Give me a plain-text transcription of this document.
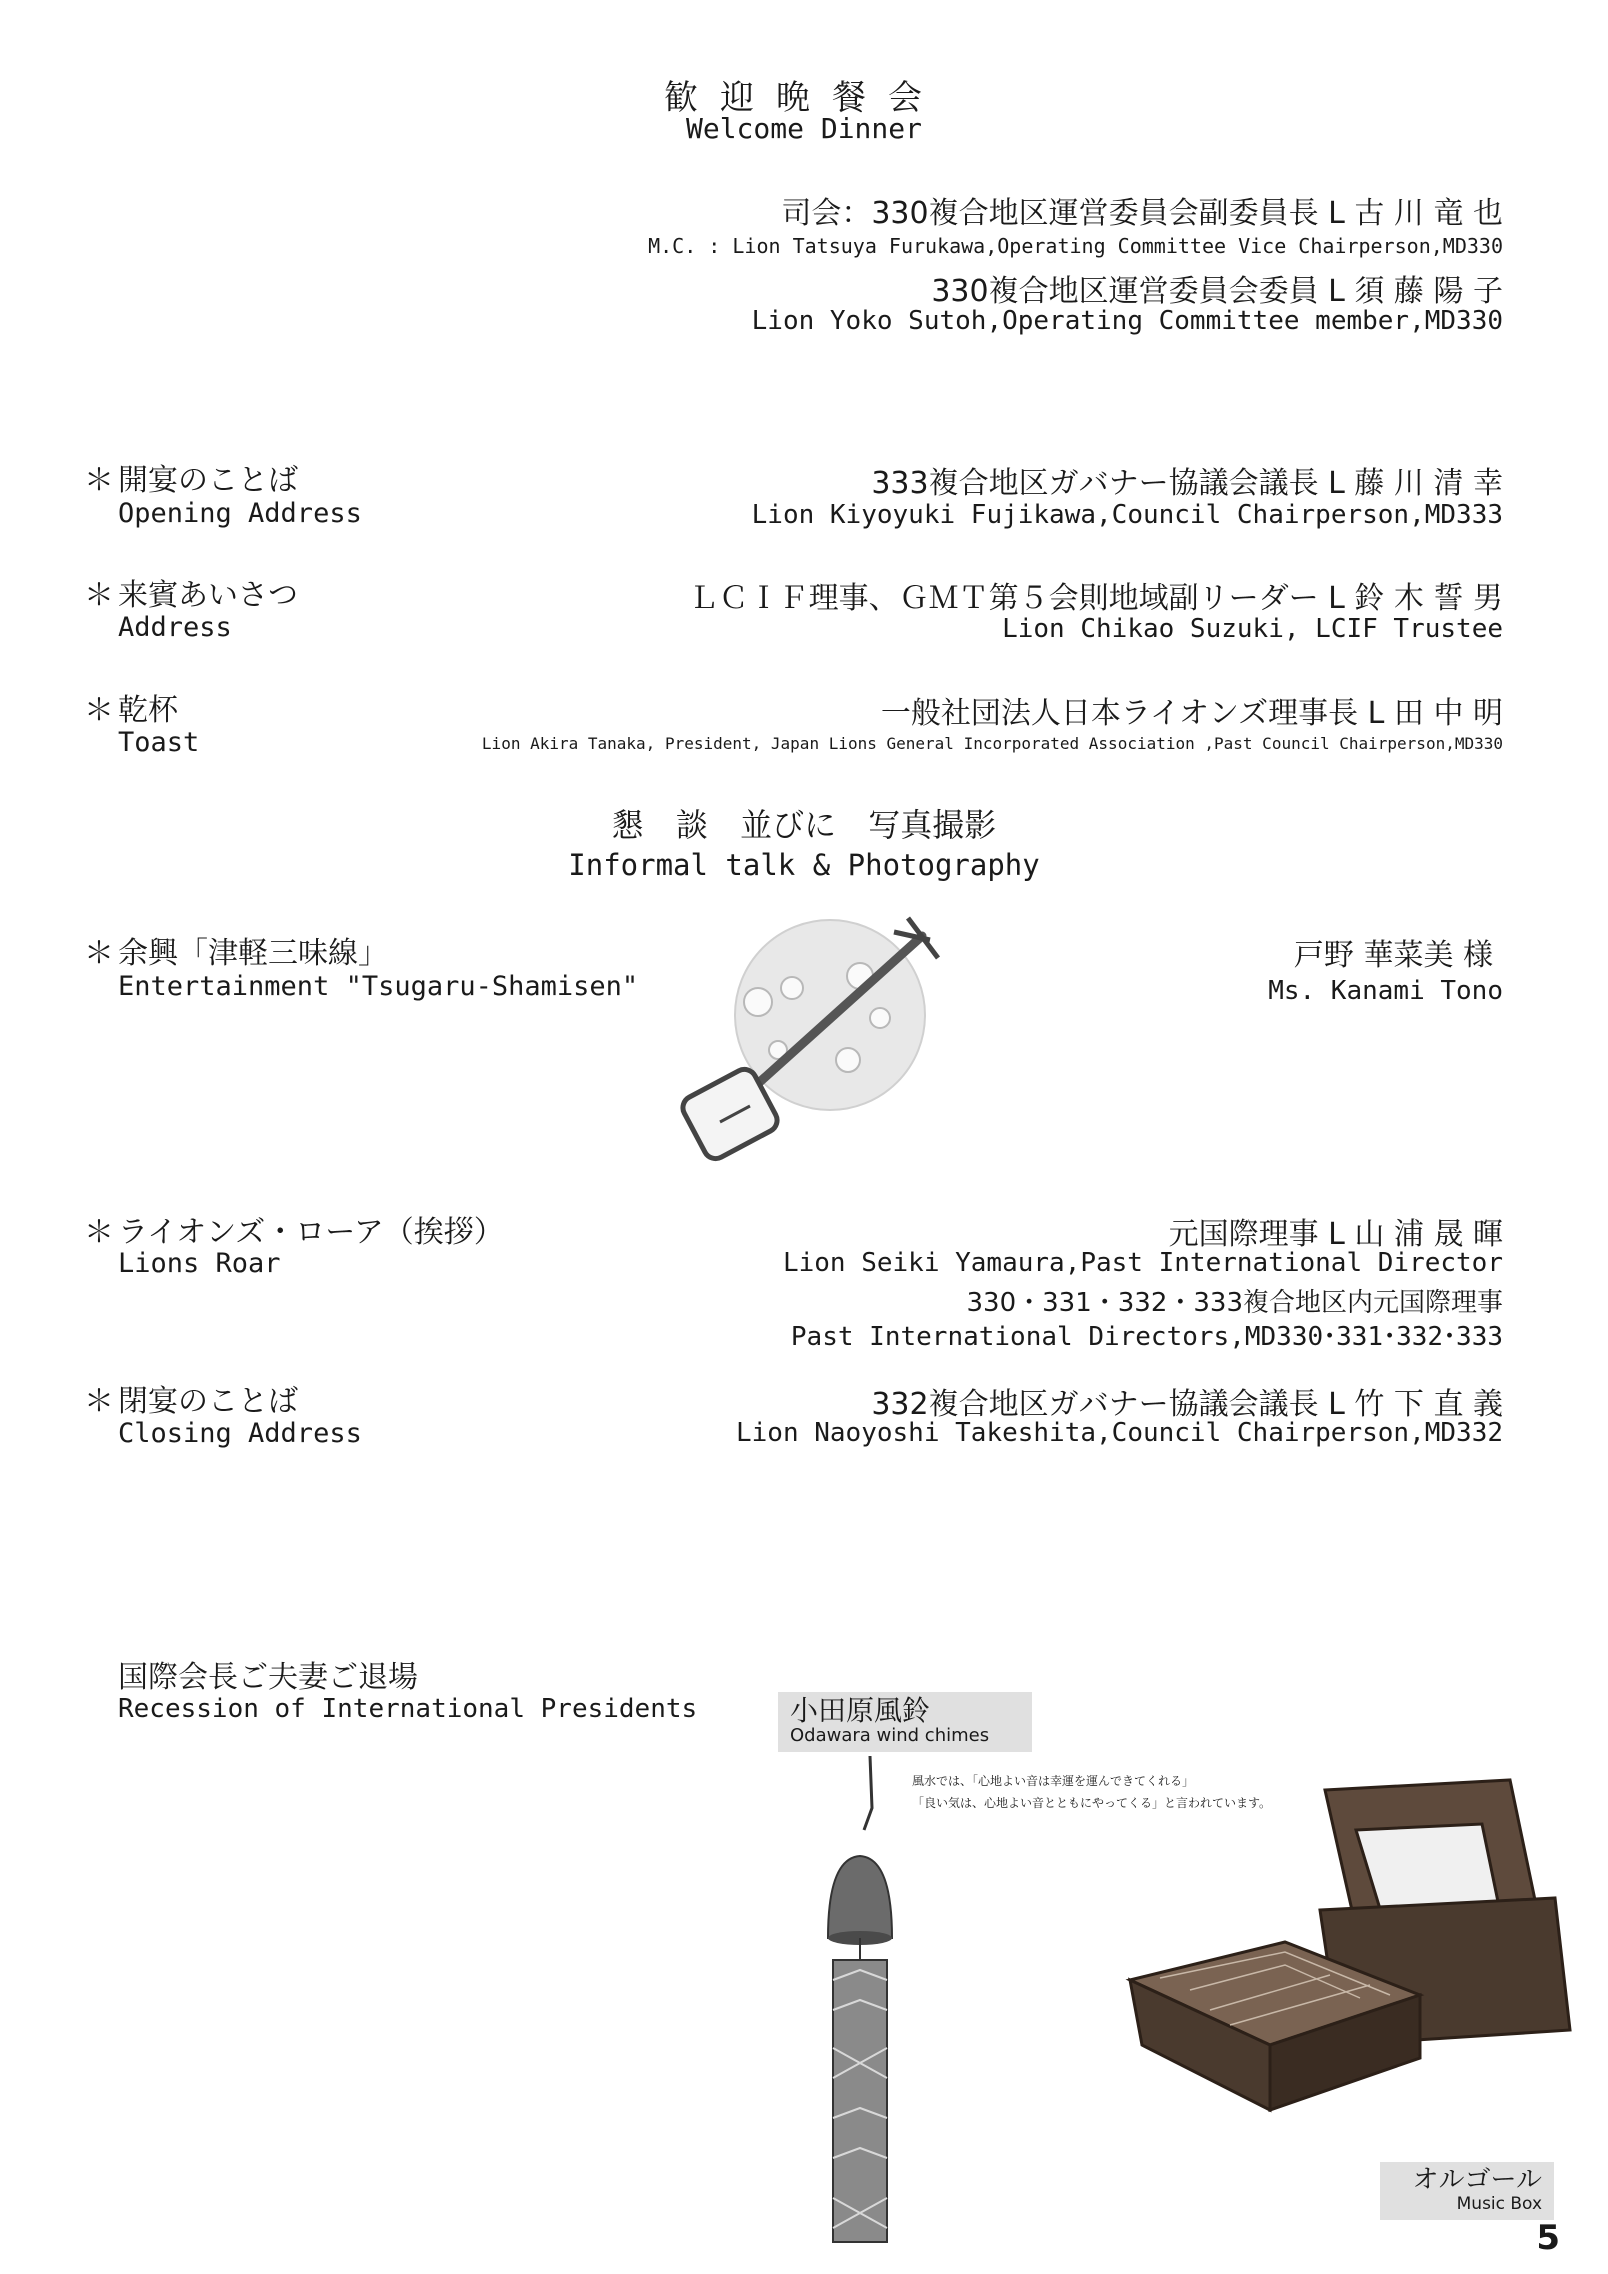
歓迎晩餐会
Welcome Dinner
司会：330複合地区運営委員会副委員長 L 古 川 竜 也
M.C. : Lion Tatsuya Furukawa,Operating Committee Vice Chairperson,MD330
330複合地区運営委員会委員 L 須 藤 陽 子
Lion Yoko Sutoh,Operating Committee member,MD330
＊ 開宴のことば
Opening Address
333複合地区ガバナー協議会議長 L 藤 川 清 幸
Lion Kiyoyuki Fujikawa,Council Chairperson,MD333
＊ 来賓あいさつ
Address
ＬＣＩＦ理事、ＧＭＴ第５会則地域副リーダー L 鈴 木 誓 男
Lion Chikao Suzuki, LCIF Trustee
＊ 乾杯
Toast
一般社団法人日本ライオンズ理事長 L 田 中 明
Lion Akira Tanaka, President, Japan Lions General Incorporated Association ,Past Council Chairperson,MD330
懇 談 並びに 写真撮影
Informal talk & Photography
＊ 余興「津軽三味線」
Entertainment "Tsugaru-Shamisen"
戸野 華菜美 様
Ms. Kanami Tono
＊ ライオンズ・ローア（挨拶）
Lions Roar
元国際理事 L 山 浦 晟 暉
Lion Seiki Yamaura,Past International Director
330・331・332・333複合地区内元国際理事
Past International Directors,MD330･331･332･333
＊ 閉宴のことば
Closing Address
332複合地区ガバナー協議会議長 L 竹 下 直 義
Lion Naoyoshi Takeshita,Council Chairperson,MD332
国際会長ご夫妻ご退場
Recession of International Presidents	小田原風鈴
Odawara wind chimes
風水では、「心地よい音は幸運を運んできてくれる」
「良い気は、心地よい音とともにやってくる」と言われています。
オルゴール
Music Box
5
